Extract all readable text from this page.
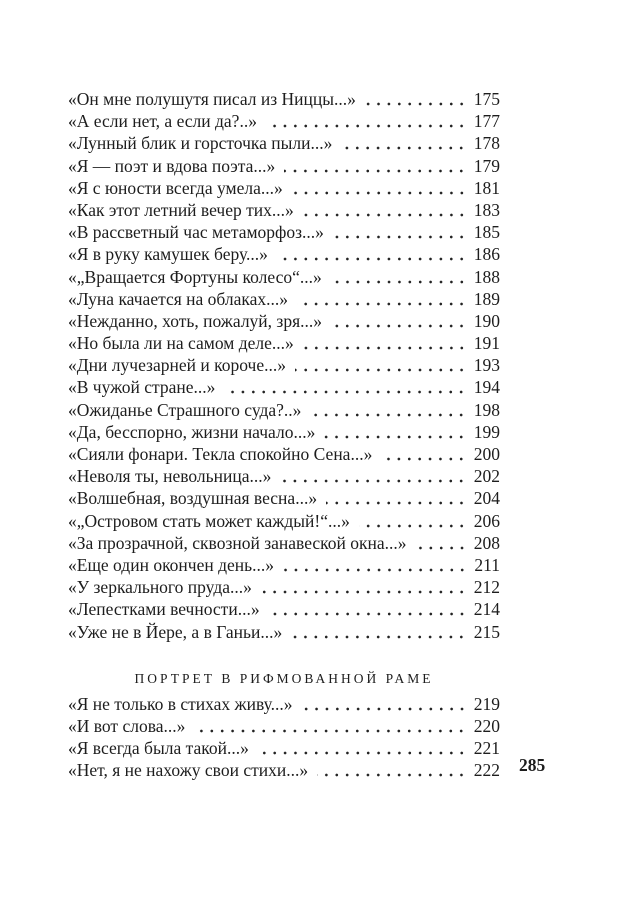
«Он мне полушутя писал из Ниццы...»	175
«А если нет, а если да?..»	177
«Лунный блик и горсточка пыли...»	178
«Я — поэт и вдова поэта...»	179
«Я с юности всегда умела...»	181
«Как этот летний вечер тих...»	183
«В рассветный час метаморфоз...»	185
«Я в руку камушек беру...»	186
«„Вращается Фортуны колесо“...»	188
«Луна качается на облаках...»	189
«Нежданно, хоть, пожалуй, зря...»	190
«Но была ли на самом деле...»	191
«Дни лучезарней и короче...»	193
«В чужой стране...»	194
«Ожиданье Страшного суда?..»	198
«Да, бесспорно, жизни начало...»	199
«Сияли фонари. Текла спокойно Сена...»	200
«Неволя ты, невольница...»	202
«Волшебная, воздушная весна...»	204
«„Островом стать может каждый!“...»	206
«За прозрачной, сквозной занавеской окна...»	208
«Еще один окончен день...»	211
«У зеркального пруда...»	212
«Лепестками вечности...»	214
«Уже не в Йере, а в Ганьи...»	215
ПОРТРЕТ В РИФМОВАННОЙ РАМЕ
«Я не только в стихах живу...»	219
«И вот слова...»	220
«Я всегда была такой...»	221
«Нет, я не нахожу свои стихи...»	222 285
